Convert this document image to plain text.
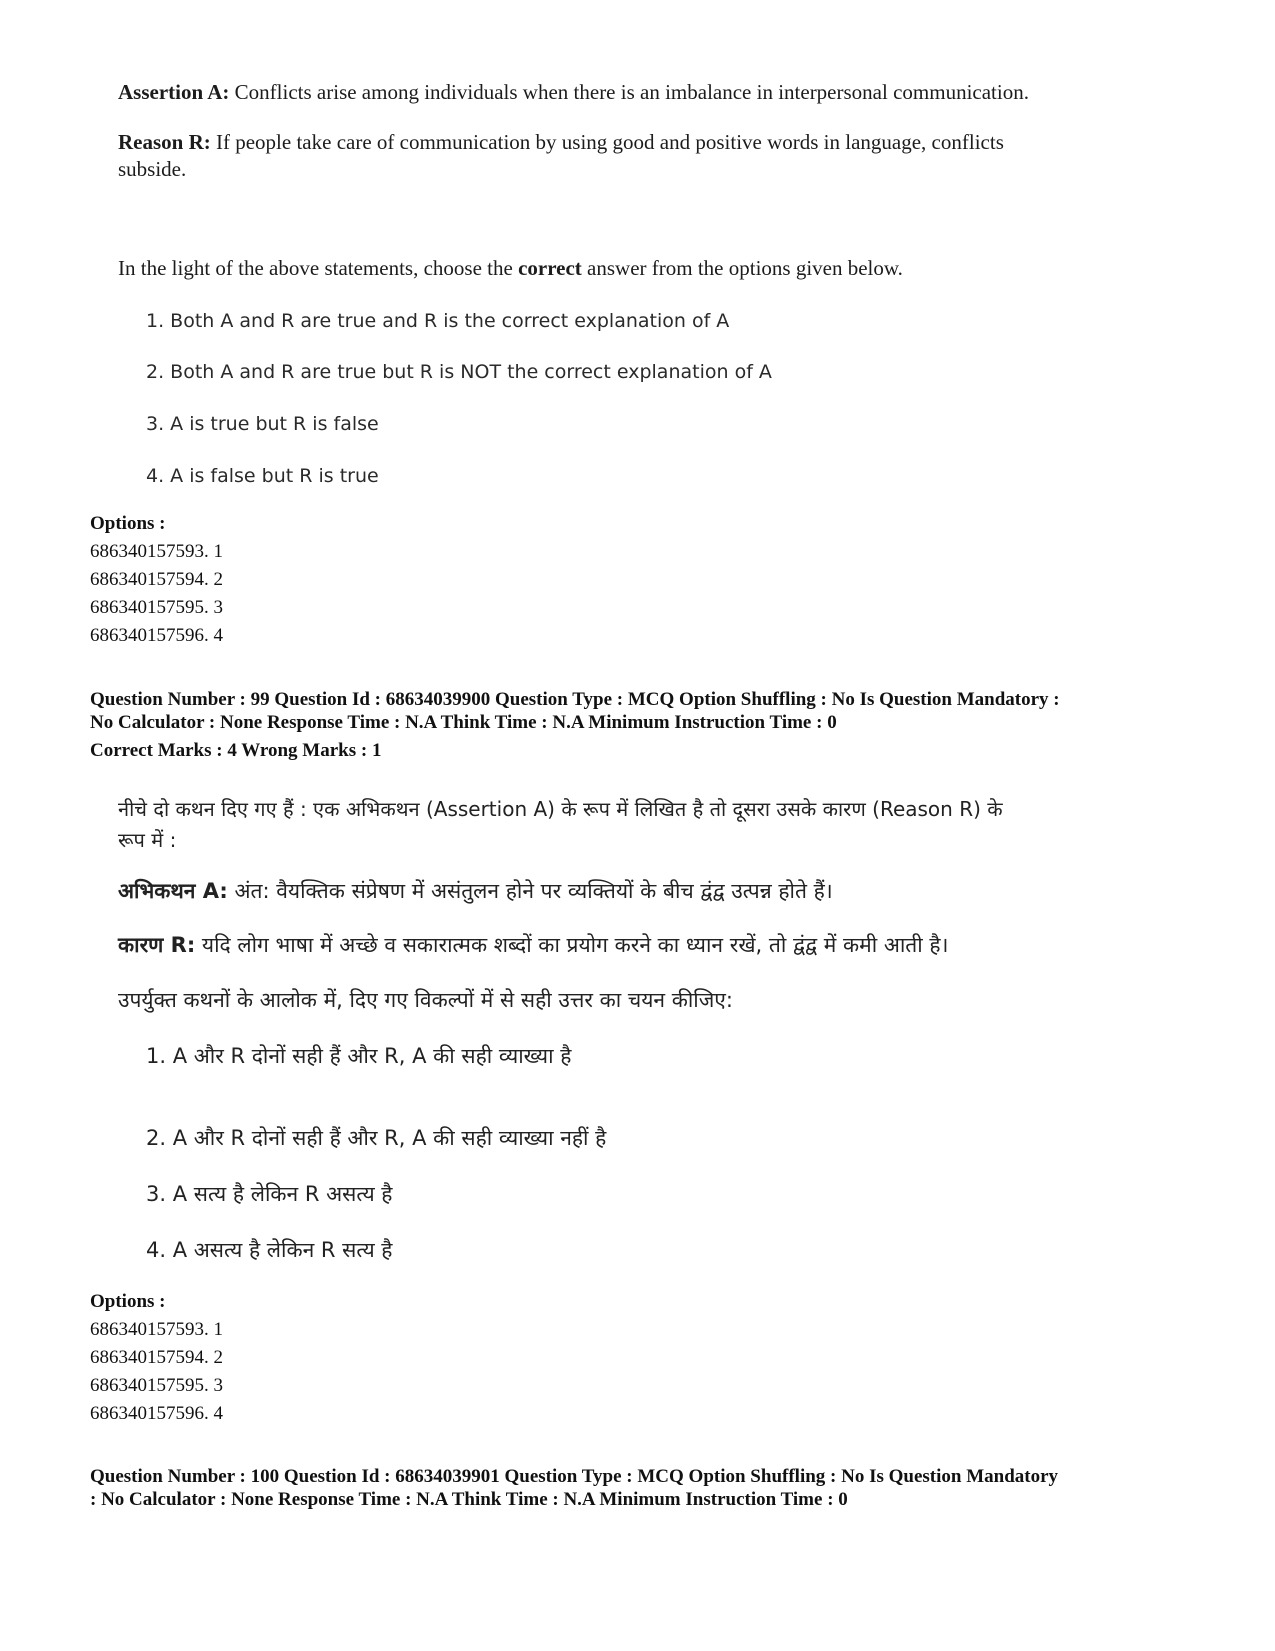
Assertion A: Conflicts arise among individuals when there is an imbalance in interpersonal communication.
Reason R: If people take care of communication by using good and positive words in language, conflicts
subside.
In the light of the above statements, choose the correct answer from the options given below.
1. Both A and R are true and R is the correct explanation of A
2. Both A and R are true but R is NOT the correct explanation of A
3. A is true but R is false
4. A is false but R is true
Options :
686340157593. 1
686340157594. 2
686340157595. 3
686340157596. 4
Question Number : 99 Question Id : 68634039900 Question Type : MCQ Option Shuffling : No Is Question Mandatory :
No Calculator : None Response Time : N.A Think Time : N.A Minimum Instruction Time : 0
Correct Marks : 4 Wrong Marks : 1
नीचे दो कथन दिए गए हैं : एक अभिकथन (Assertion A) के रूप में लिखित है तो दूसरा उसके कारण (Reason R) के
रूप में :
अभिकथन A: अंत: वैयक्तिक संप्रेषण में असंतुलन होने पर व्यक्तियों के बीच द्वंद्व उत्पन्न होते हैं।
कारण R: यदि लोग भाषा में अच्छे व सकारात्मक शब्दों का प्रयोग करने का ध्यान रखें, तो द्वंद्व में कमी आती है।
उपर्युक्त कथनों के आलोक में, दिए गए विकल्पों में से सही उत्तर का चयन कीजिए:
1. A और R दोनों सही हैं और R, A की सही व्याख्या है
2. A और R दोनों सही हैं और R, A की सही व्याख्या नहीं है
3. A सत्य है लेकिन R असत्य है
4. A असत्य है लेकिन R सत्य है
Options :
686340157593. 1
686340157594. 2
686340157595. 3
686340157596. 4
Question Number : 100 Question Id : 68634039901 Question Type : MCQ Option Shuffling : No Is Question Mandatory
: No Calculator : None Response Time : N.A Think Time : N.A Minimum Instruction Time : 0
